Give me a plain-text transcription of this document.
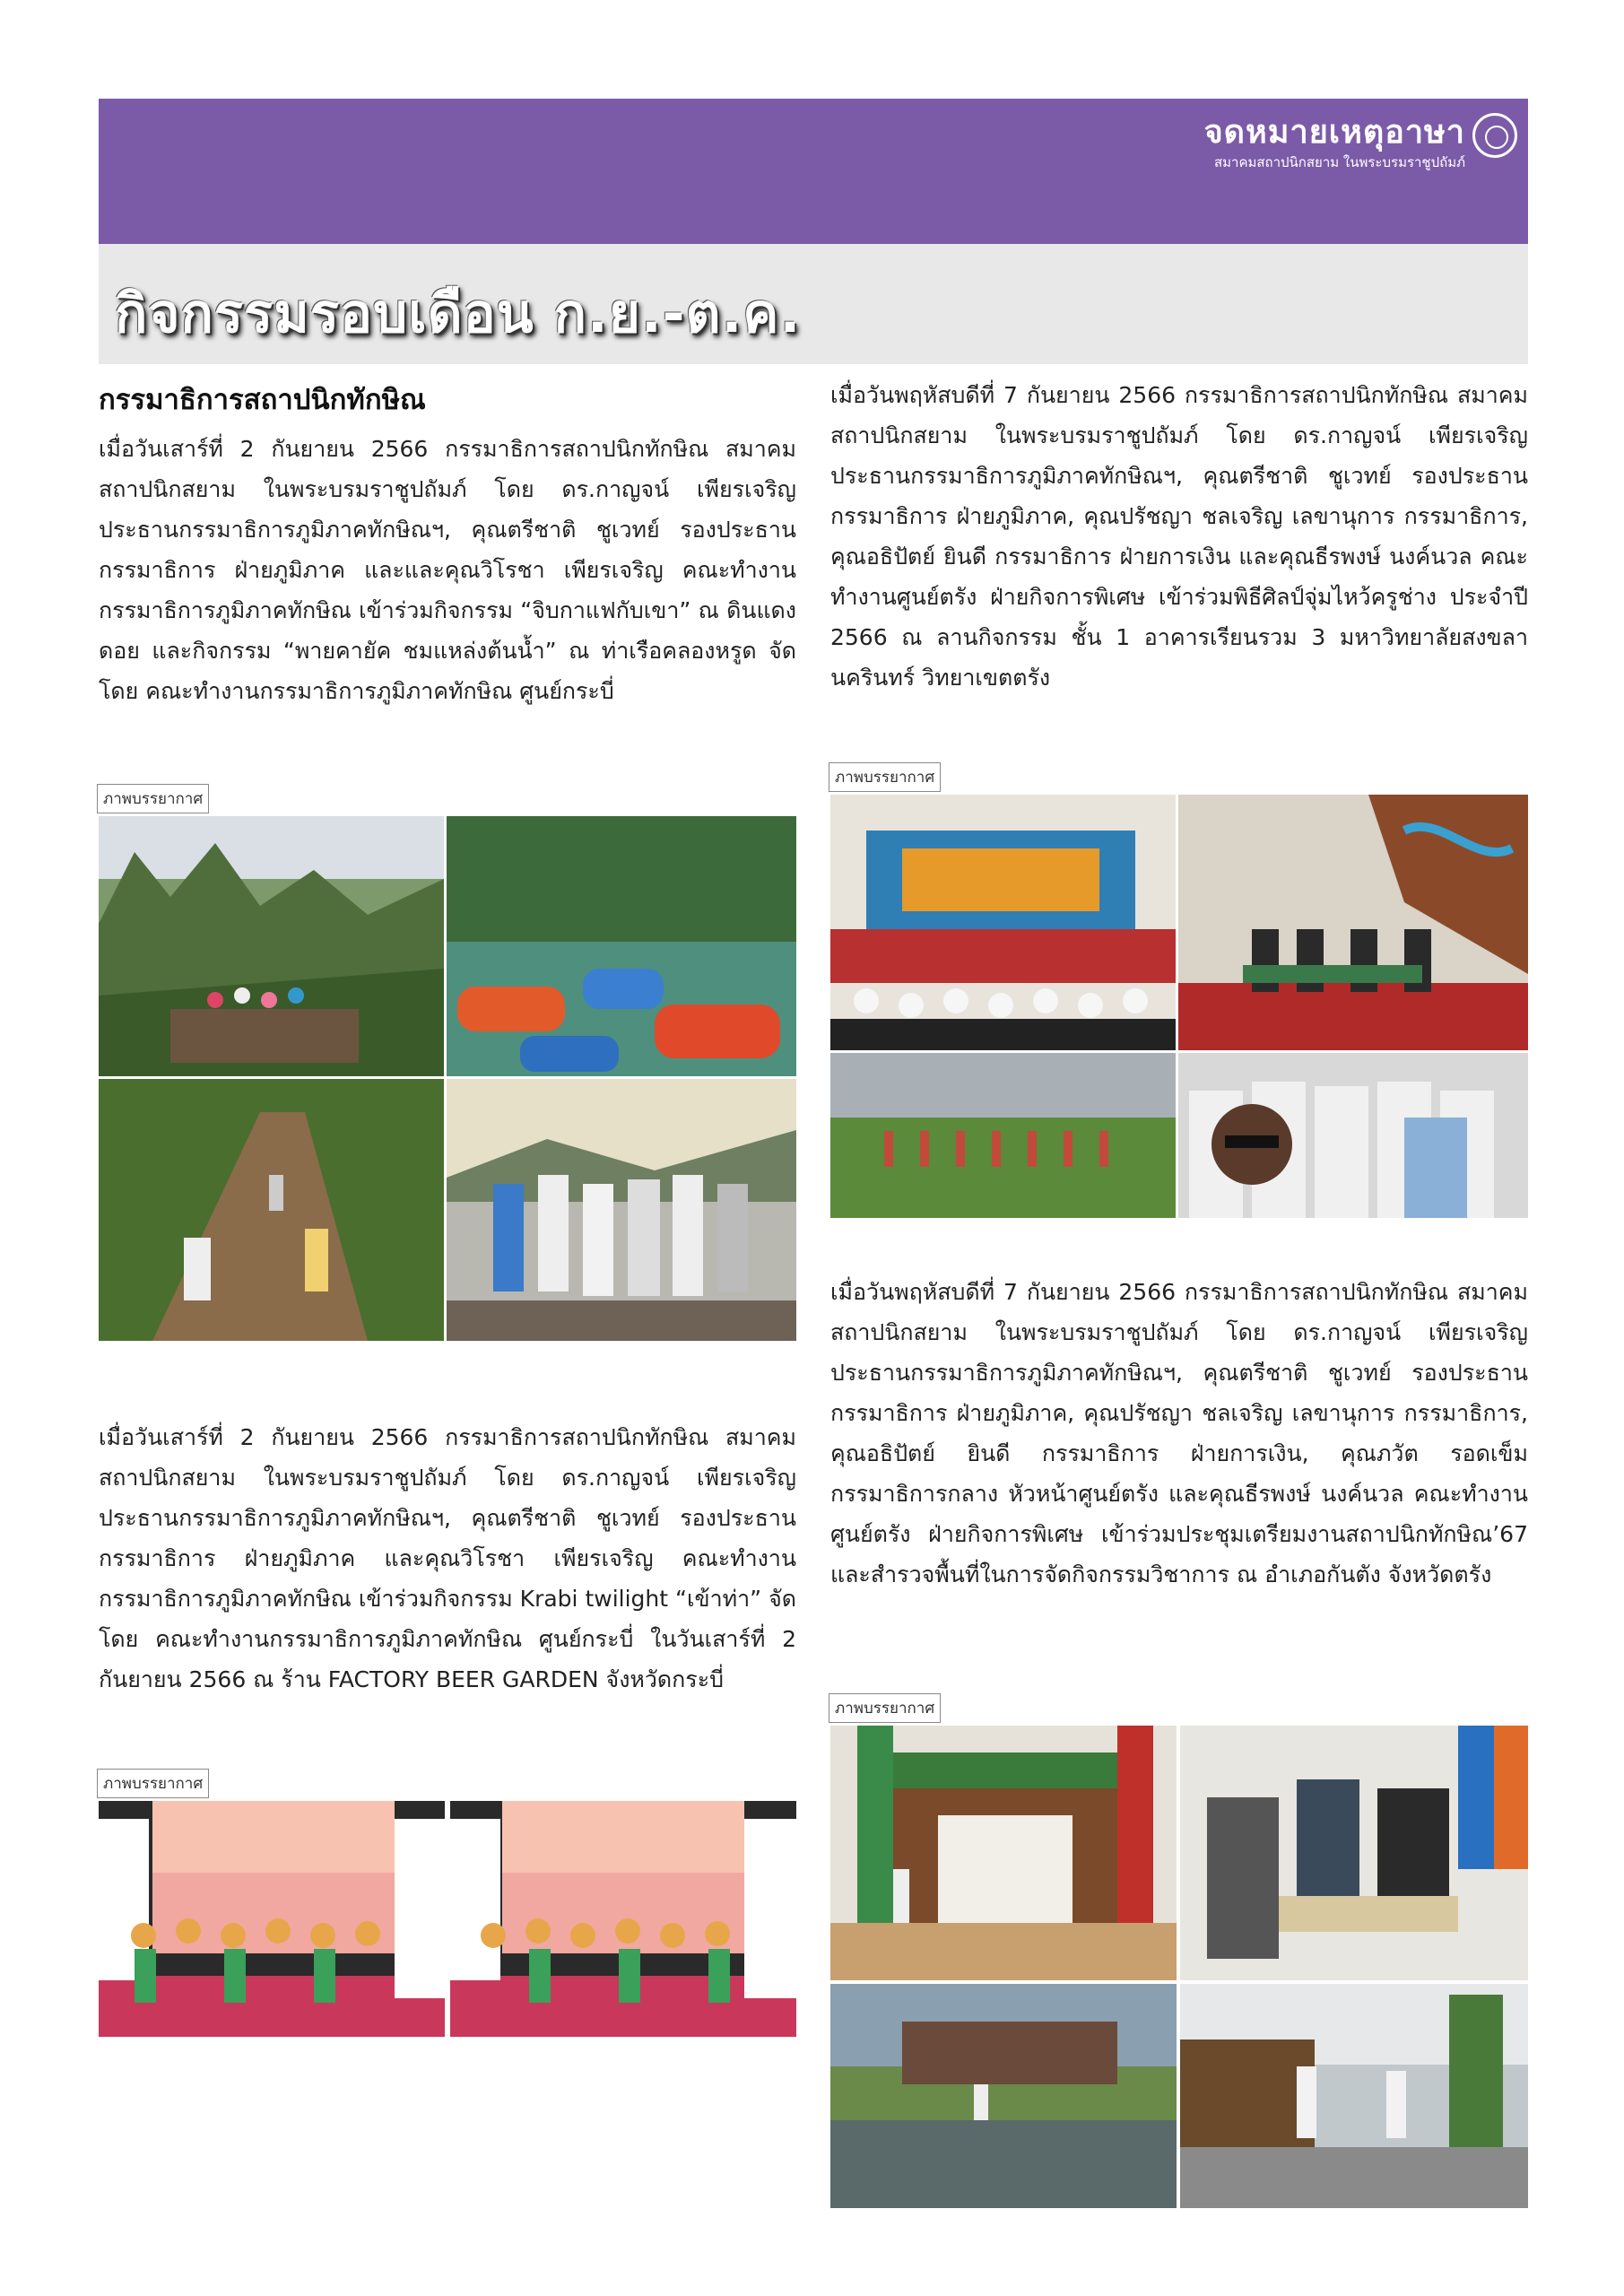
จดหมายเหตุอาษา
สมาคมสถาปนิกสยาม ในพระบรมราชูปถัมภ์
กิจกรรมรอบเดือน ก.ย.-ต.ค.
กรรมาธิการสถาปนิกทักษิณ
เมื่อวันเสาร์ที่ 2 กันยายน 2566 กรรมาธิการสถาปนิกทักษิณ สมาคมสถาปนิกสยาม ในพระบรมราชูปถัมภ์ โดย ดร.กาญจน์ เพียรเจริญ ประธานกรรมาธิการภูมิภาคทักษิณฯ, คุณตรีชาติ ชูเวทย์ รองประธานกรรมาธิการ ฝ่ายภูมิภาค และและคุณวิโรชา เพียรเจริญ คณะทำงานกรรมาธิการภูมิภาคทักษิณ เข้าร่วมกิจกรรม “จิบกาแฟกับเขา” ณ ดินแดงดอย และกิจกรรม “พายคายัค ชมแหล่งต้นน้ำ” ณ ท่าเรือคลองหรูด จัดโดย คณะทำงานกรรมาธิการภูมิภาคทักษิณ ศูนย์กระบี่
ภาพบรรยากาศ
เมื่อวันเสาร์ที่ 2 กันยายน 2566 กรรมาธิการสถาปนิกทักษิณ สมาคมสถาปนิกสยาม ในพระบรมราชูปถัมภ์ โดย ดร.กาญจน์ เพียรเจริญ ประธานกรรมาธิการภูมิภาคทักษิณฯ, คุณตรีชาติ ชูเวทย์ รองประธานกรรมาธิการ ฝ่ายภูมิภาค และคุณวิโรชา เพียรเจริญ คณะทำงานกรรมาธิการภูมิภาคทักษิณ เข้าร่วมกิจกรรม Krabi twilight “เข้าท่า” จัดโดย คณะทำงานกรรมาธิการภูมิภาคทักษิณ ศูนย์กระบี่ ในวันเสาร์ที่ 2 กันยายน 2566 ณ ร้าน FACTORY BEER GARDEN จังหวัดกระบี่
ภาพบรรยากาศ
เมื่อวันพฤหัสบดีที่ 7 กันยายน 2566 กรรมาธิการสถาปนิกทักษิณ สมาคมสถาปนิกสยาม ในพระบรมราชูปถัมภ์ โดย ดร.กาญจน์ เพียรเจริญ ประธานกรรมาธิการภูมิภาคทักษิณฯ, คุณตรีชาติ ชูเวทย์ รองประธานกรรมาธิการ ฝ่ายภูมิภาค, คุณปรัชญา ชลเจริญ เลขานุการ กรรมาธิการ, คุณอธิปัตย์ ยินดี กรรมาธิการ ฝ่ายการเงิน และคุณธีรพงษ์ นงค์นวล คณะทำงานศูนย์ตรัง ฝ่ายกิจการพิเศษ เข้าร่วมพิธีศิลป์จุ่มไหว้ครูช่าง ประจำปี 2566 ณ ลานกิจกรรม ชั้น 1 อาคารเรียนรวม 3 มหาวิทยาลัยสงขลานครินทร์ วิทยาเขตตรัง
ภาพบรรยากาศ
เมื่อวันพฤหัสบดีที่ 7 กันยายน 2566 กรรมาธิการสถาปนิกทักษิณ สมาคมสถาปนิกสยาม ในพระบรมราชูปถัมภ์ โดย ดร.กาญจน์ เพียรเจริญ ประธานกรรมาธิการภูมิภาคทักษิณฯ, คุณตรีชาติ ชูเวทย์ รองประธานกรรมาธิการ ฝ่ายภูมิภาค, คุณปรัชญา ชลเจริญ เลขานุการ กรรมาธิการ, คุณอธิปัตย์ ยินดี กรรมาธิการ ฝ่ายการเงิน, คุณภวัต รอดเข็ม กรรมาธิการกลาง หัวหน้าศูนย์ตรัง และคุณธีรพงษ์ นงค์นวล คณะทำงานศูนย์ตรัง ฝ่ายกิจการพิเศษ เข้าร่วมประชุมเตรียมงานสถาปนิกทักษิณ’67 และสำรวจพื้นที่ในการจัดกิจกรรมวิชาการ ณ อำเภอกันตัง จังหวัดตรัง
ภาพบรรยากาศ
